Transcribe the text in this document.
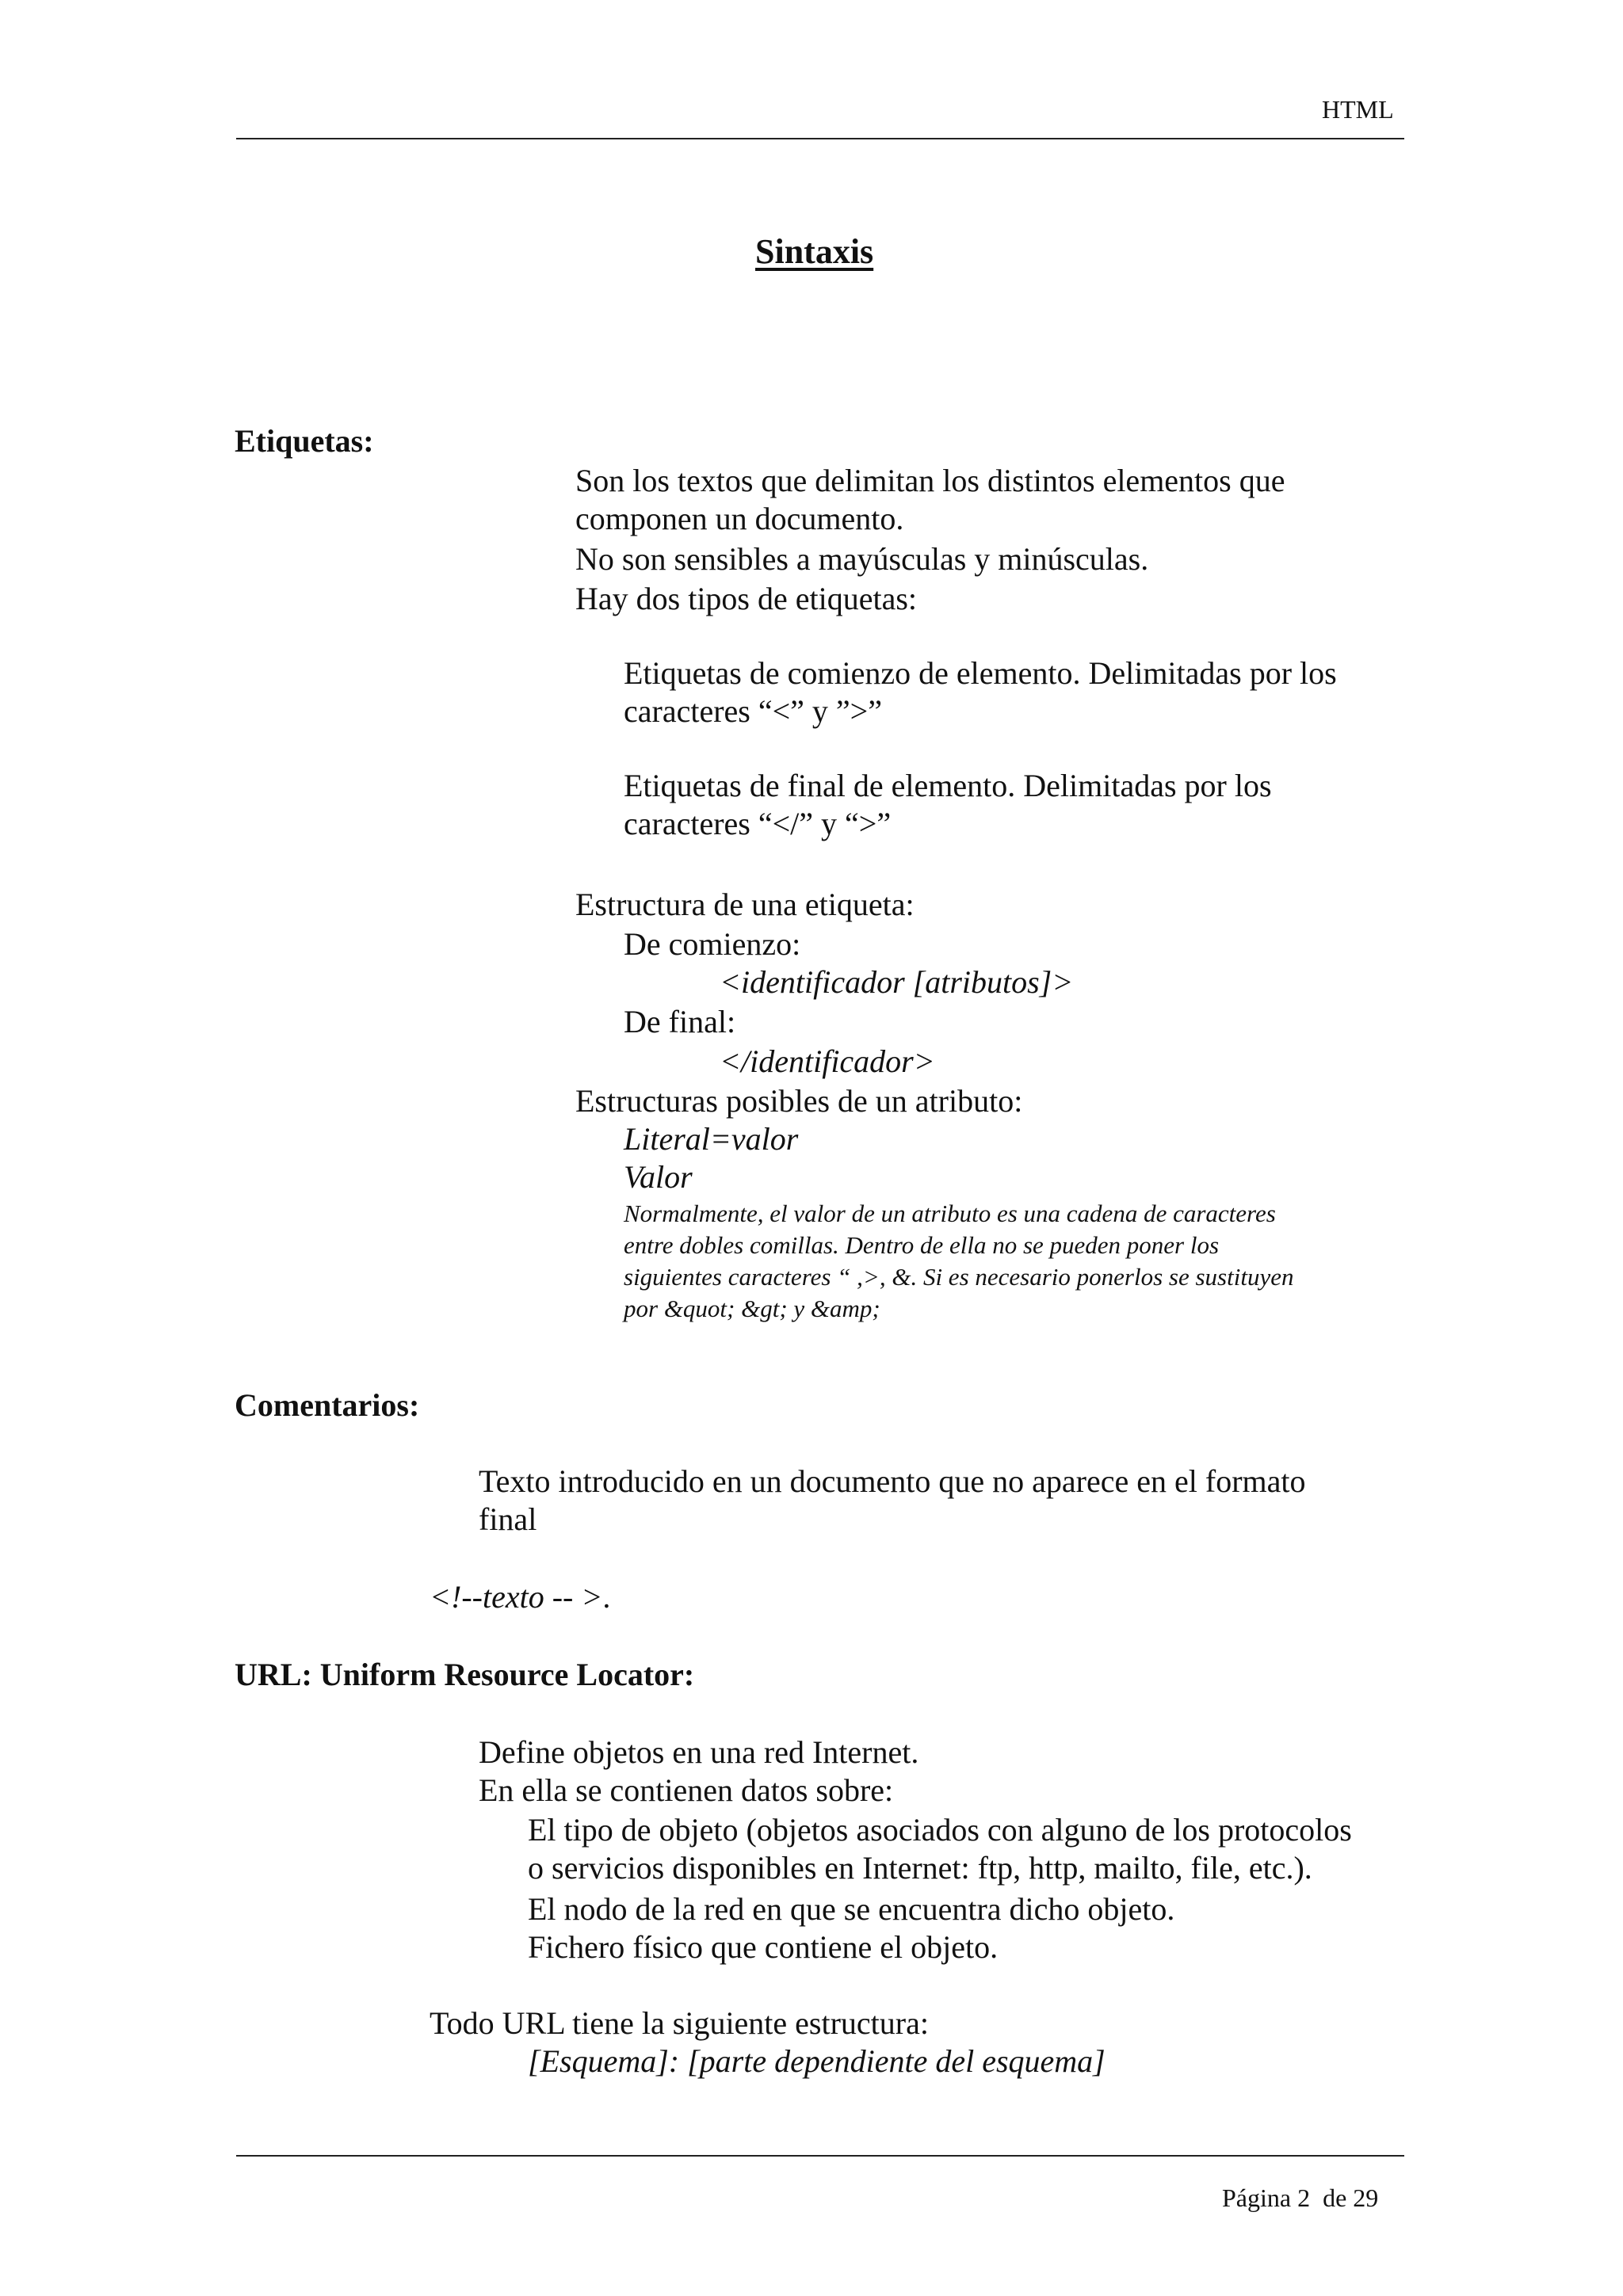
HTML
Sintaxis
Etiquetas:
Son los textos que delimitan los distintos elementos que
componen un documento.
No son sensibles a mayúsculas y minúsculas.
Hay dos tipos de etiquetas:
Etiquetas de comienzo de elemento. Delimitadas por los
caracteres “<” y ”>”
Etiquetas de final de elemento. Delimitadas por los
caracteres “</” y “>”
Estructura de una etiqueta:
De comienzo:
<identificador [atributos]>
De final:
</identificador>
Estructuras posibles de un atributo:
Literal=valor
Valor
Normalmente, el valor de un atributo es una cadena de caracteres
entre dobles comillas. Dentro de ella no se pueden poner los
siguientes caracteres “ ,>, &. Si es necesario ponerlos se sustituyen
por &quot; &gt; y &amp;
Comentarios:
Texto introducido en un documento que no aparece en el formato
final
<!--texto -- >.
URL: Uniform Resource Locator:
Define objetos en una red Internet.
En ella se contienen datos sobre:
El tipo de objeto (objetos asociados con alguno de los protocolos
o servicios disponibles en Internet: ftp, http, mailto, file, etc.).
El nodo de la red en que se encuentra dicho objeto.
Fichero físico que contiene el objeto.
Todo URL tiene la siguiente estructura:
[Esquema]: [parte dependiente del esquema]
Página 2  de 29
